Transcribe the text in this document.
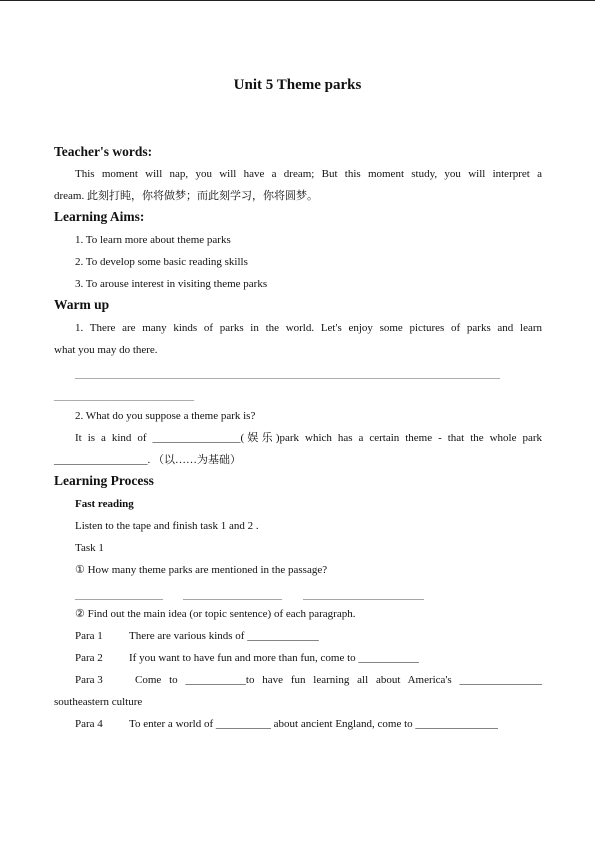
Unit 5 Theme parks
Teacher's words:
This moment will nap, you will have a dream; But this moment study, you will interpret a
dream. 此刻打盹，你将做梦；而此刻学习，你将圆梦。
Learning Aims:
1. To learn more about theme parks
2. To develop some basic reading skills
3. To arouse interest in visiting theme parks
Warm up
1. There are many kinds of parks in the world. Let's enjoy some pictures of parks and learn
what you may do there.
_____________________________________________________________________________________
____________________________
2. What do you suppose a theme park is?
It is a kind of ________________(娱乐)park which has a certain theme - that the whole park
_________________. （以……为基础）
Learning Process
Fast reading
Listen to the tape and finish task 1 and 2 .
Task 1
① How many theme parks are mentioned in the passage?
________________ __________________ ______________________
② Find out the main idea (or topic sentence) of each paragraph.
Para 1 There are various kinds of _____________
Para 2 If you want to have fun and more than fun, come to ___________
Para 3	Come to ___________to have fun learning all about America's _______________
southeastern culture
Para 4 To enter a world of __________ about ancient England, come to _______________
